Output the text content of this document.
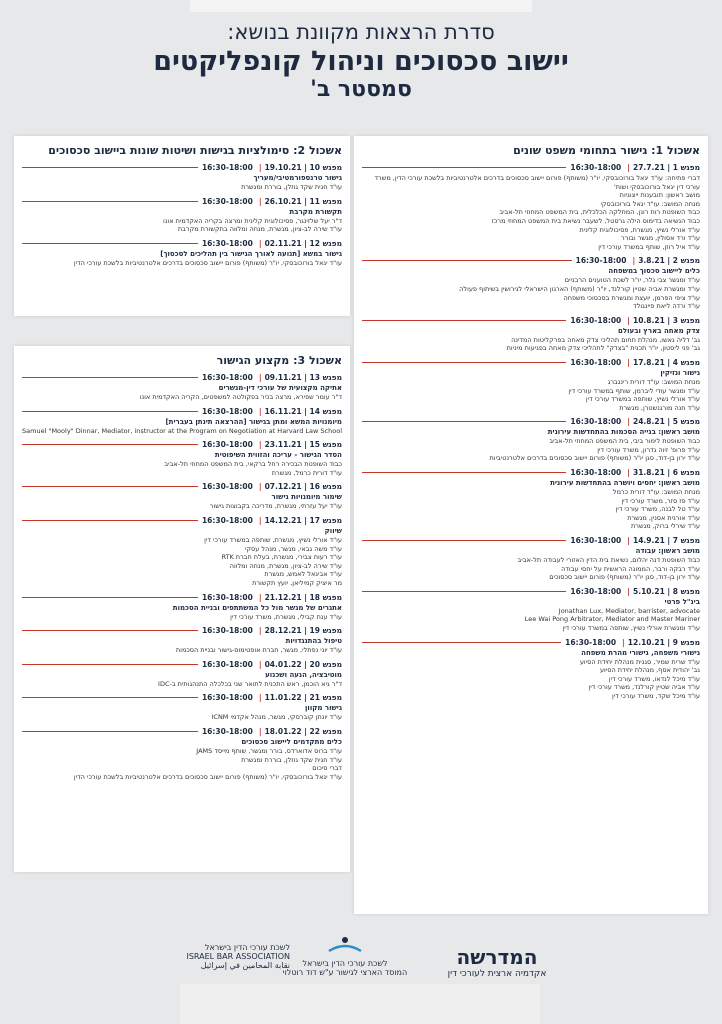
סדרת הרצאות מקוונת בנושא:
יישוב סכסוכים וניהול קונפליקטים
סמסטר ב'
אשכול 1: גישור בתחומי משפט שונים
מפגש 1 | 27.7.21
|
16:30-18:00
דברי פתיחה: עו"ד יגאל בורוכובסקי, יו"ר (משותף) פורום יישוב סכסוכים בדרכים אלטרנטיביות בלשכת עורכי הדין, משרד עורכי דין יגאל בורוכובסקי ושות'
מושב ראשון: תובענות ייצוגיות
מנחה המושב: עו"ד יגאל בורוכובסקי
כבוד השופטת רות רונן, המחלקה הכלכלית, בית המשפט המחוזי תל-אביב
כבוד הנשיאה בדימוס הילה גרסטל, לשעבר נשיאת בית המשפט המחוזי מרכז
עו"ד אורלי נשיץ, מגשרת, פסיכולוגית קלינית
עו"ד ורד אסולין, מגשר ובורר
עו"ד איל רוזן, שותף במשרד עורכי דין
מפגש 2 | 3.8.21
|
16:30-18:00
כלים ליישוב סכסוך במשפחה
עו"ד ומגשר צבי גלר, יו"ר לשכת הטוענים הרבניים
עו"ד ומגשרת אביה שטיין קורלנד, יו"ר (משותף) הארגון הישראלי לגירושין בשיתוף פעולה
עו"ד ציפי הפרמן, יועצת ומגשרת בסכסוכי משפחה
עו"ד ורדה ליאת פיינגולד
מפגש 3 | 10.8.21
|
16:30-18:00
צדק מאחה בארץ ובעולם
גב' דליה גאשו, מנהלת תחום תהליכי צדק מאחה בפרקליטות המדינה
גב' פני ליסטון, יו"ר תכנית "בצדק" לתהליכי צדק מאחה בפגיעות מיניות
מפגש 4 | 17.8.21
|
16:30-18:00
גישור ונזיקין
מנחת המושב: עו"ד דורית ריננברג
עו"ד ומגשר עודי ליברמן, שותף במשרד עורכי דין
עו"ד אורלי נשיץ, שותפה במשרד עורכי דין
עו"ד חנה מורגנשטרן, מגשרת
מפגש 5 | 24.8.21
|
16:30-18:00
מושב ראשון: בנייה הסכמות בהתחדשות עירונית
כבוד השופטת לימור ביבי, בית המשפט המחוזי תל-אביב
עו"ד פרופ' זיוה גדרון, משרד עורכי דין
עו"ד ירון בן-דוד, סגן יו"ר (משותף) פורום יישוב סכסוכים בדרכים אלטרנטיביות
מפגש 6 | 31.8.21
|
16:30-18:00
מושב ראשון: יחסים ויושרה בהתחדשות עירונית
מנחת המושב: עו"ד דורית כרמל
עו"ד פז סזר, משרד עורכי דין
עו"ד טל לבנה, משרד עורכי דין
עו"ד אורנית אסנין, מגשרת
עו"ד שירלי ברוק, מגשרת
מפגש 7 | 14.9.21
|
16:30-18:00
מושב ראשון: עבודה
כבוד השופטת דנה יהלום, נשיאת בית הדין האזורי לעבודה תל-אביב
עו"ד רבקה ורבר, הממונה הראשית על יחסי עבודה
עו"ד ירון בן-דוד, סגן יו"ר (משותף) פורום יישוב סכסוכים
מפגש 8 | 5.10.21
|
16:30-18:00
בינ"ל פרטי
Jonathan Lux, Mediator, barrister, advocate
Lee Wai Pong Arbitrator, Mediator and Master Mariner
עו"ד ומגשרת אורלי נשיץ, שותפה במשרד עורכי דין
מפגש 9 | 12.10.21
|
16:30-18:00
גישורי משפחה, גישורי מהרת משפחה
עו"ד שרית שמיר, סגנית מנהלת יחידת הסיוע
גב' יהודית אסף, מנהלת יחידת הסיוע
עו"ד מיכל לנדאו, משרד עורכי דין
עו"ד אביה שטיין קורלנד, משרד עורכי דין
עו"ד מיכל שקד, משרד עורכי דין
אשכול 2: סימולציות בגישות ושיטות שונות ביישוב סכסוכים
מפגש 10 | 19.10.21
|
16:30-18:00
גישור טרנספורמטיבי/מעריך
עו"ד חגית שקד גוזלן, בוררת ומגשרת
מפגש 11 | 26.10.21
|
16:30-18:00
תקשורת מקרבת
ד"ר יעל שלזינגר, פסיכולוגית קלינית ומרצה בקריה האקדמית אונו
עו"ד שירה לב-ציון, מגשרת, מנחה ומלווה בתקשורת מקרבת
מפגש 12 | 02.11.21
|
16:30-18:00
גישור במשא [תנועה לאורך הגישור בין תהליכים לסכסוך]
עו"ד יגאל בורוכובסקי, יו"ר (משותף) פורום יישוב סכסוכים בדרכים אלטרנטיביות בלשכת עורכי הדין
אשכול 3: מקצוע הגישור
מפגש 13 | 09.11.21
|
16:30-18:00
אתיקה מקצועית של עורכי דין-מגשרים
ד"ר עומר שפירא, מרצה בכיר בפקולטה למשפטים, הקריה האקדמית אונו
מפגש 14 | 16.11.21
|
16:30-18:00
מיומנויות המשא ומתן בגישור [ההרצאה תינתן בעברית]
Samuel "Mooly" Dinnar, Mediator, instructor at the Program on Negotiation at Harvard Law School
מפגש 15 | 23.11.21
|
16:30-18:00
הסדר הגישור - עריכה והזווית השיפוטית
כבוד השופטת הבכירה רחל ברקאי, בית המשפט המחוזי תל-אביב
עו"ד דורית כרמל, מגשרת
מפגש 16 | 07.12.21
|
16:30-18:00
שימור מיומנויות גישור
עו"ד יעל עזרתי, מגשרת, מדריכה בקבוצות גישור
מפגש 17 | 14.12.21
|
16:30-18:00
שיווק
עו"ד אורלי נשיץ, מגשרת, שותפה במשרד עורכי דין
עו"ד משה גבאי, מגשר, מנהל עסקי
עו"ד רעות צבירי, מגשרת, בעלת חברת RTK
עו"ד שירה לב-ציון, מגשרת, מנחה ומלווה
עו"ד אביגאל לאמש, מגשרת
מר איציק קמיליאן, יועץ תקשורת
מפגש 18 | 21.12.21
|
16:30-18:00
אתגרים של מגשר מול כל המשתתפים ובניית הסכמות
עו"ד ענת קבילי, מגשרת, משרד עורכי דין
מפגש 19 | 28.12.21
|
16:30-18:00
טיפול בהתנגדויות
עו"ד יוני נפתלי, מגשר, חברת אופטימוס-גישור ובניית הסכמות
מפגש 20 | 04.01.22
|
16:30-18:00
מוטיבציה, הנעה ושכנוע
ד"ר גיא הוכמן, ראש התכנית לתואר שני בכלכלה התנהגותית ב-IDC
מפגש 21 | 11.01.22
|
16:30-18:00
גישור מקוון
עו"ד יונתן קוברסקי, מגשר, מנהל אקדמי ICNM
מפגש 22 | 18.01.22
|
16:30-18:00
כלים מתקדמים ליישוב סכסוכים
עו"ד ברוס אדוארדס, בורר ומגשר, שותף מייסד JAMS
עו"ד חגית שקד גוזלן, בוררת ומגשרת
דברי סיכום
עו"ד יגאל בורוכובסקי, יו"ר (משותף) פורום יישוב סכסוכים בדרכים אלטרנטיביות בלשכת עורכי הדין
המדרשה
אקדמיה ארצית לעורכי דין
לשכת עורכי הדין בישראל
המוסד הארצי לגישור ע"ש דוד רוטלוי
לשכת עורכי הדין בישראל
ISRAEL BAR ASSOCIATION
نقابة المحامين في إسرائيل
